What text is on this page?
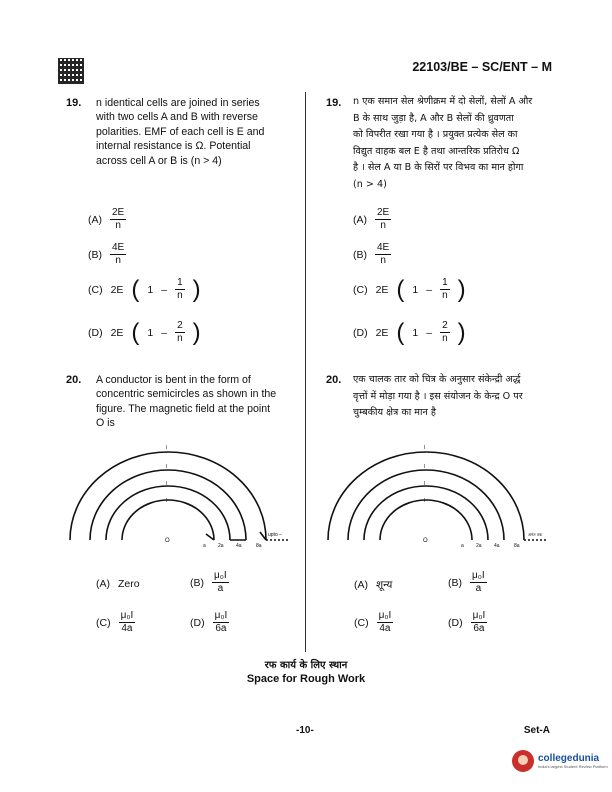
22103/BE – SC/ENT – M
19. n identical cells are joined in series
with two cells A and B with reverse
polarities. EMF of each cell is E and
internal resistance is Ω. Potential
across cell A or B is (n > 4)
19. n एक समान सेल श्रेणीक्रम में दो सेलों, सेलों A और
B के साथ जुड़ा है, A और B सेलों की ध्रुवणता
को विपरीत रखा गया है । प्रयुक्त प्रत्येक सेल का
विद्युत वाहक बल E है तथा आन्तरिक प्रतिरोध Ω
है । सेल A या B के सिरों पर विभव का मान होगा
(n > 4)
$(A) \frac{2E}{n}$
$(B) \frac{4E}{n}$
(C) 2E ( $1 - \frac{1}{n}$ )
(D) 2E ( $1 - \frac{2}{n}$ )
$(A) \frac{2E}{n}$
$(B) \frac{4E}{n}$
(C) 2E ( $1 - \frac{1}{n}$ )
(D) 2E ( $1 - \frac{2}{n}$ )
20. A conductor is bent in the form of
concentric semicircles as shown in the
figure. The magnetic field at the point
O is
20. एक चालक तार को चित्र के अनुसार संकेन्द्री अर्द्ध
वृत्तों में मोड़ा गया है । इस संयोजन के केन्द्र O पर
चुम्बकीय क्षेत्र का मान है
I
I
I
I
O
a 2a 4a	8a
upto –
I
I
I
I
O
a 2a 4a	8a
अनंत तक
(A) Zero	$(B) \frac{\text{μ₀I}}{a}$
$(C) \frac{\text{μ₀I}}{4a}$	$(D) \frac{\text{μ₀I}}{6a}$
(A) शून्य	$(B) \frac{\text{μ₀I}}{a}$
$(C) \frac{\text{μ₀I}}{4a}$	$(D) \frac{\text{μ₀I}}{6a}$
रफ कार्य के लिए स्थान
Space for Rough Work
-10-	Set-A
collegedunia
India's largest Student Review Platform
